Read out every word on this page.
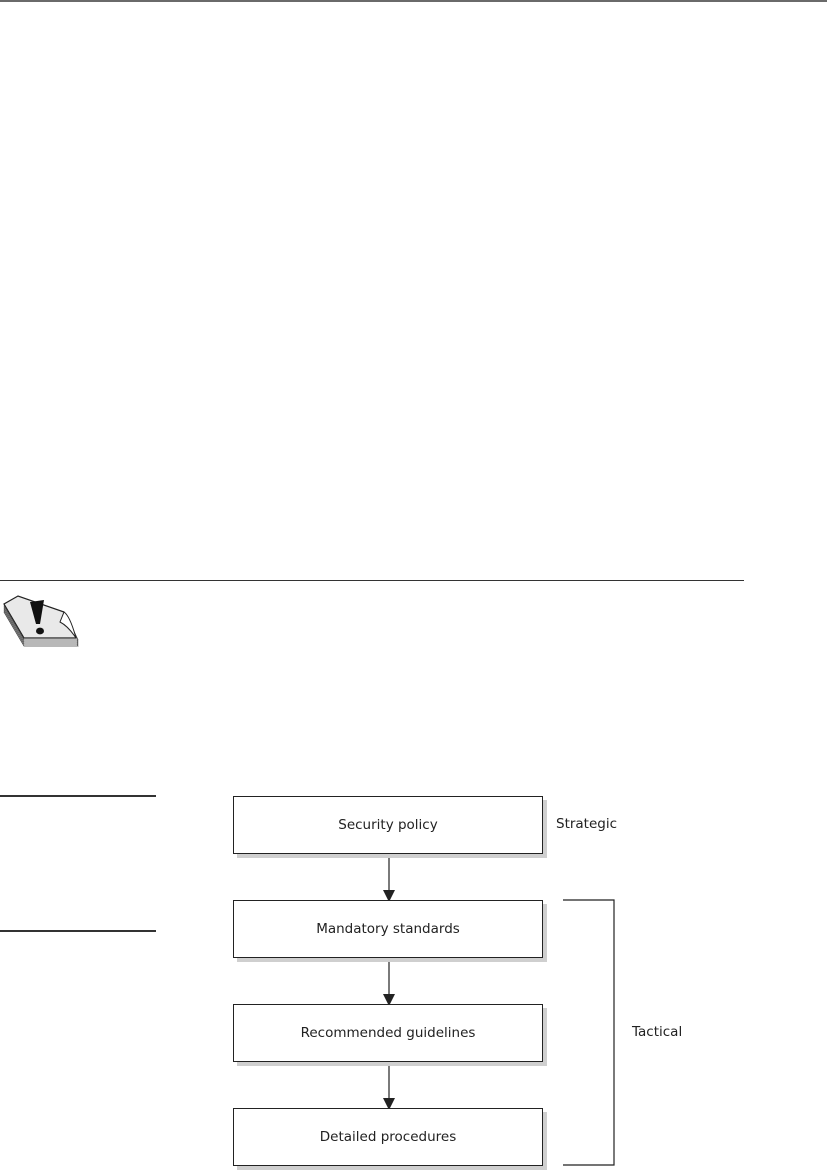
Security policy
Mandatory standards
Recommended guidelines
Detailed procedures
Strategic
Tactical
